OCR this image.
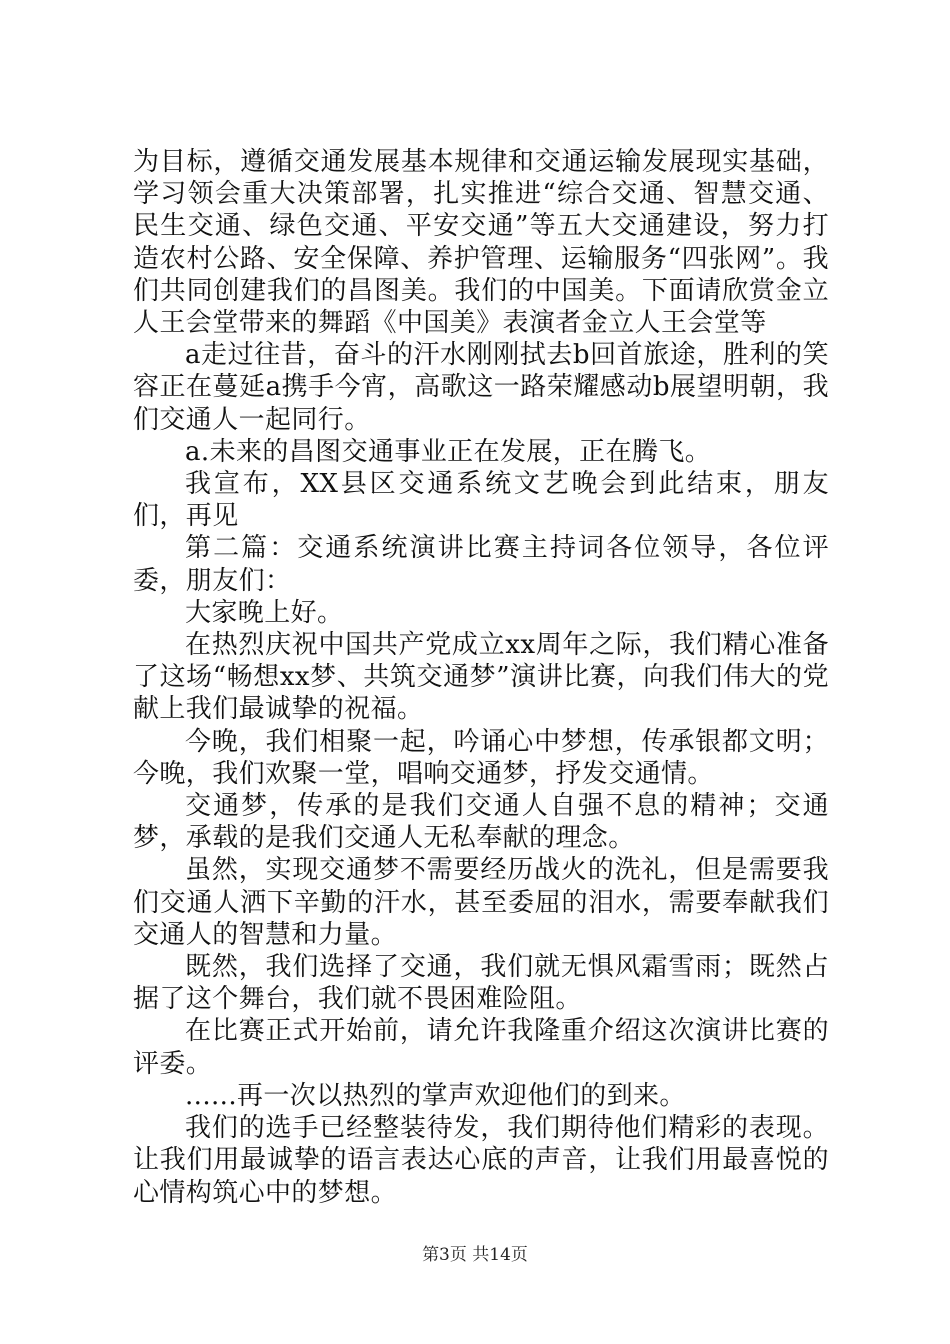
为目标，遵循交通发展基本规律和交通运输发展现实基础，学习领会重大决策部署，扎实推进“综合交通、智慧交通、民生交通、绿色交通、平安交通”等五大交通建设，努力打造农村公路、安全保障、养护管理、运输服务“四张网”。我们共同创建我们的昌图美。我们的中国美。下面请欣赏金立人王会堂带来的舞蹈《中国美》表演者金立人王会堂等

a走过往昔，奋斗的汗水刚刚拭去b回首旅途，胜利的笑容正在蔓延a携手今宵，高歌这一路荣耀感动b展望明朝，我们交通人一起同行。

a.未来的昌图交通事业正在发展，正在腾飞。

我宣布，XX县区交通系统文艺晚会到此结束，朋友们，再见

第二篇：交通系统演讲比赛主持词各位领导，各位评委，朋友们：

大家晚上好。

在热烈庆祝中国共产党成立xx周年之际，我们精心准备了这场“畅想xx梦、共筑交通梦”演讲比赛，向我们伟大的党献上我们最诚挚的祝福。

今晚，我们相聚一起，吟诵心中梦想，传承银都文明；今晚，我们欢聚一堂，唱响交通梦，抒发交通情。

交通梦，传承的是我们交通人自强不息的精神；交通梦，承载的是我们交通人无私奉献的理念。

虽然，实现交通梦不需要经历战火的洗礼，但是需要我们交通人洒下辛勤的汗水，甚至委屈的泪水，需要奉献我们交通人的智慧和力量。

既然，我们选择了交通，我们就无惧风霜雪雨；既然占据了这个舞台，我们就不畏困难险阻。

在比赛正式开始前，请允许我隆重介绍这次演讲比赛的评委。

......再一次以热烈的掌声欢迎他们的到来。

我们的选手已经整装待发，我们期待他们精彩的表现。让我们用最诚挚的语言表达心底的声音，让我们用最喜悦的心情构筑心中的梦想。

第3页 共14页
